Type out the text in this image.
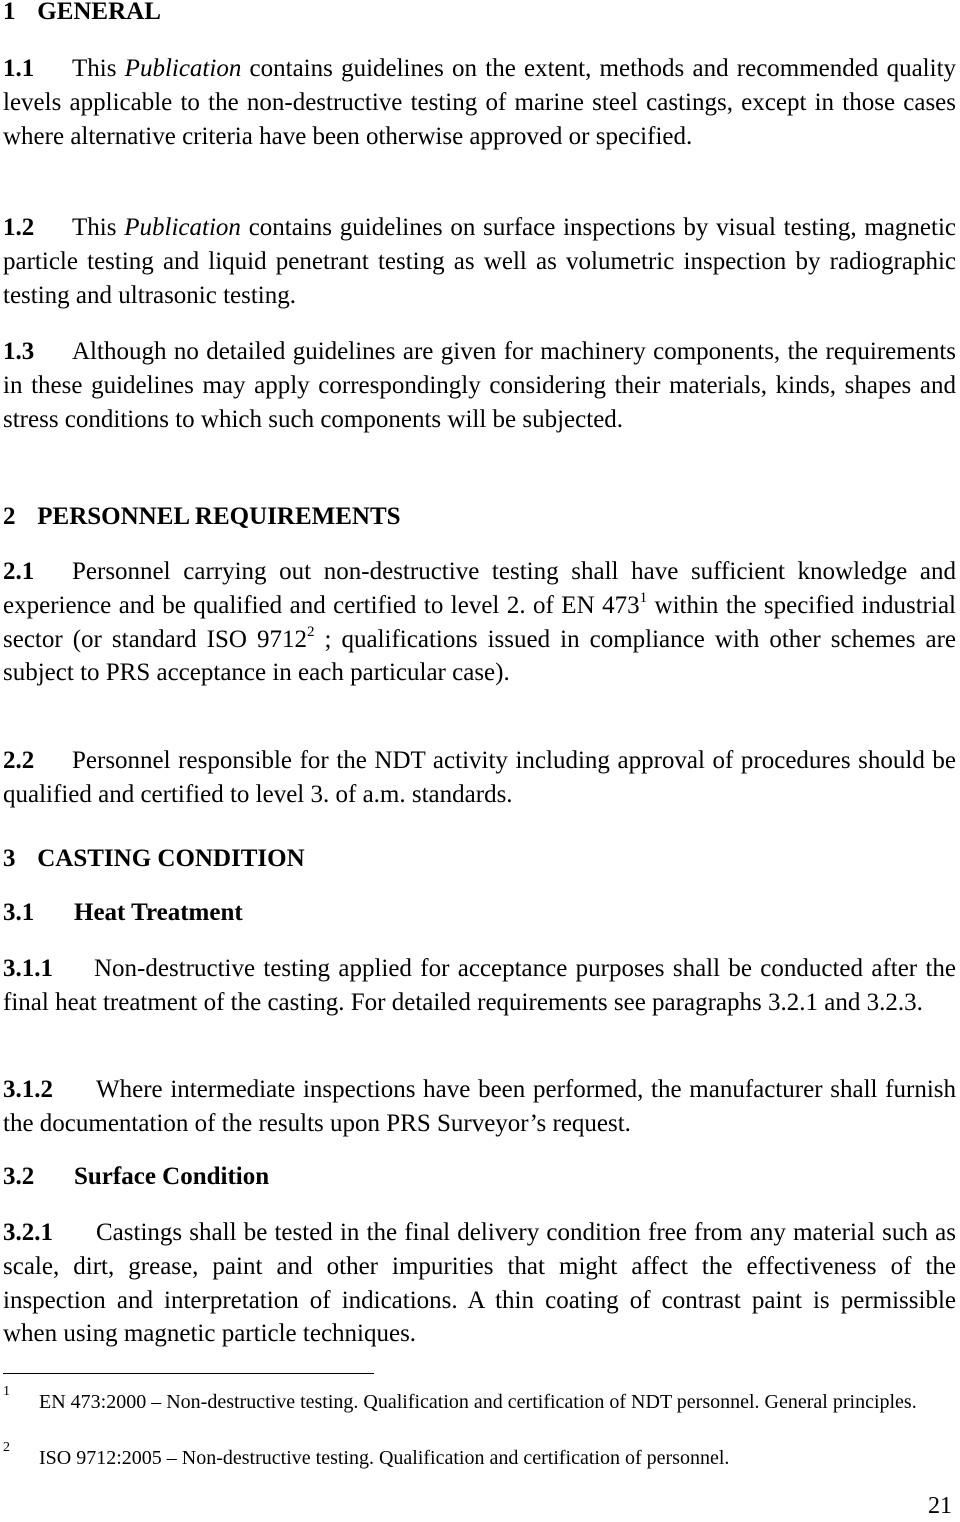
1 GENERAL

1.1 This Publication contains guidelines on the extent, methods and recommended quality levels applicable to the non-destructive testing of marine steel castings, except in those cases where alternative criteria have been otherwise approved or specified.

1.2 This Publication contains guidelines on surface inspections by visual testing, magnetic particle testing and liquid penetrant testing as well as volumetric inspection by radiographic testing and ultrasonic testing.

1.3 Although no detailed guidelines are given for machinery components, the requirements in these guidelines may apply correspondingly considering their materials, kinds, shapes and stress conditions to which such components will be subjected.

2 PERSONNEL REQUIREMENTS

2.1 Personnel carrying out non-destructive testing shall have sufficient knowledge and experience and be qualified and certified to level 2. of EN $473^1$ within the specified industrial sector (or standard ISO 9712$^2$ ; qualifications issued in compliance with other schemes are subject to PRS acceptance in each particular case).

2.2 Personnel responsible for the NDT activity including approval of procedures should be qualified and certified to level 3. of a.m. standards.

3 CASTING CONDITION
3.1 Heat Treatment

3.1.1 Non-destructive testing applied for acceptance purposes shall be conducted after the final heat treatment of the casting. For detailed requirements see paragraphs 3.2.1 and 3.2.3.

3.1.2 Where intermediate inspections have been performed, the manufacturer shall furnish the documentation of the results upon PRS Surveyor’s request.

3.2 Surface Condition

3.2.1 Castings shall be tested in the final delivery condition free from any material such as scale, dirt, grease, paint and other impurities that might affect the effectiveness of the inspection and interpretation of indications. A thin coating of contrast paint is permissible when using magnetic particle techniques.

1 EN 473:2000 – Non-destructive testing. Qualification and certification of NDT personnel. General principles.
2 ISO 9712:2005 – Non-destructive testing. Qualification and certification of personnel.
21
